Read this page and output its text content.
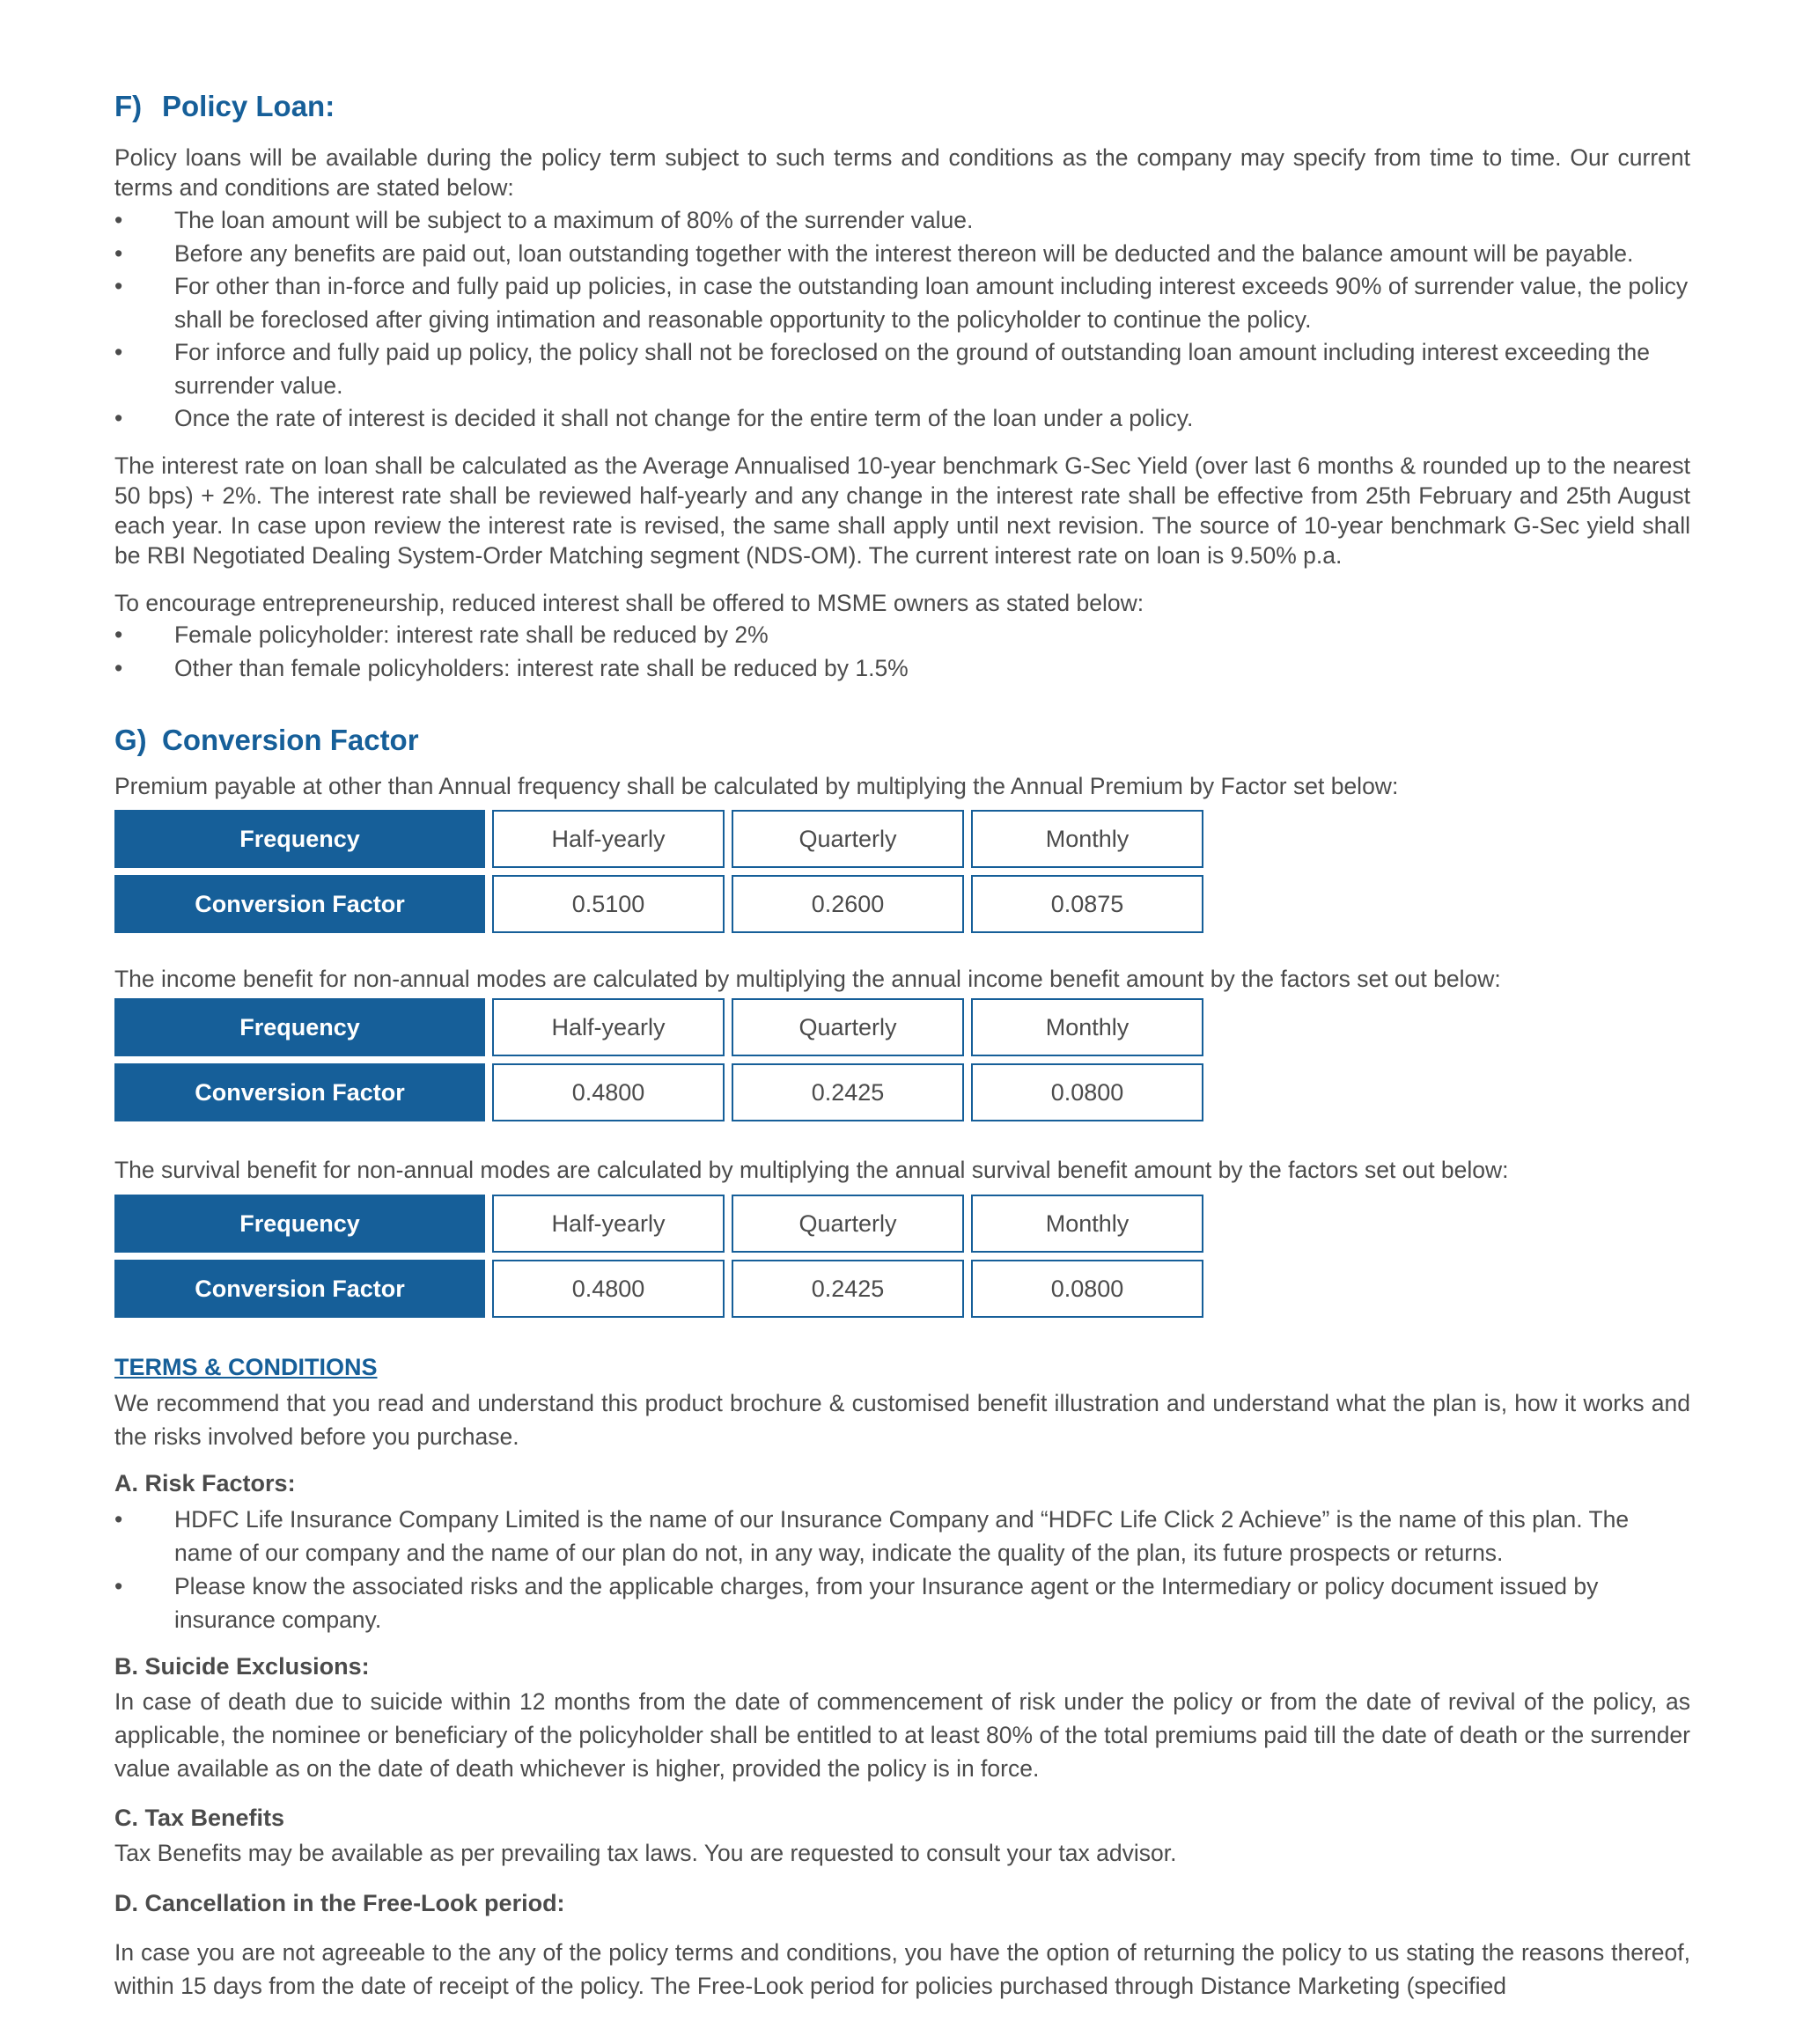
F) Policy Loan:
Policy loans will be available during the policy term subject to such terms and conditions as the company may specify from time to time. Our current terms and conditions are stated below:
•	The loan amount will be subject to a maximum of 80% of the surrender value.
•	Before any benefits are paid out, loan outstanding together with the interest thereon will be deducted and the balance amount will be payable.
•	For other than in-force and fully paid up policies, in case the outstanding loan amount including interest exceeds 90% of surrender value, the policy shall be foreclosed after giving intimation and reasonable opportunity to the policyholder to continue the policy.
•	For inforce and fully paid up policy, the policy shall not be foreclosed on the ground of outstanding loan amount including interest exceeding the surrender value.
•	Once the rate of interest is decided it shall not change for the entire term of the loan under a policy.
The interest rate on loan shall be calculated as the Average Annualised 10-year benchmark G-Sec Yield (over last 6 months & rounded up to the nearest 50 bps) + 2%. The interest rate shall be reviewed half-yearly and any change in the interest rate shall be effective from 25th February and 25th August each year. In case upon review the interest rate is revised, the same shall apply until next revision. The source of 10-year benchmark G-Sec yield shall be RBI Negotiated Dealing System-Order Matching segment (NDS-OM). The current interest rate on loan is 9.50% p.a.
To encourage entrepreneurship, reduced interest shall be offered to MSME owners as stated below:
•	Female policyholder: interest rate shall be reduced by 2%
•	Other than female policyholders: interest rate shall be reduced by 1.5%
G) Conversion Factor
Premium payable at other than Annual frequency shall be calculated by multiplying the Annual Premium by Factor set below:
Frequency	Half-yearly	Quarterly	Monthly
Conversion Factor	0.5100	0.2600	0.0875
The income benefit for non-annual modes are calculated by multiplying the annual income benefit amount by the factors set out below:
Frequency	Half-yearly	Quarterly	Monthly
Conversion Factor	0.4800	0.2425	0.0800
The survival benefit for non-annual modes are calculated by multiplying the annual survival benefit amount by the factors set out below:
Frequency	Half-yearly	Quarterly	Monthly
Conversion Factor	0.4800	0.2425	0.0800
TERMS & CONDITIONS
We recommend that you read and understand this product brochure & customised benefit illustration and understand what the plan is, how it works and the risks involved before you purchase.
A. Risk Factors:
•	HDFC Life Insurance Company Limited is the name of our Insurance Company and “HDFC Life Click 2 Achieve” is the name of this plan. The name of our company and the name of our plan do not, in any way, indicate the quality of the plan, its future prospects or returns.
•	Please know the associated risks and the applicable charges, from your Insurance agent or the Intermediary or policy document issued by insurance company.
B. Suicide Exclusions:
In case of death due to suicide within 12 months from the date of commencement of risk under the policy or from the date of revival of the policy, as applicable, the nominee or beneficiary of the policyholder shall be entitled to at least 80% of the total premiums paid till the date of death or the surrender value available as on the date of death whichever is higher, provided the policy is in force.
C. Tax Benefits
Tax Benefits may be available as per prevailing tax laws. You are requested to consult your tax advisor.
D. Cancellation in the Free-Look period:
In case you are not agreeable to the any of the policy terms and conditions, you have the option of returning the policy to us stating the reasons thereof, within 15 days from the date of receipt of the policy. The Free-Look period for policies purchased through Distance Marketing (specified
